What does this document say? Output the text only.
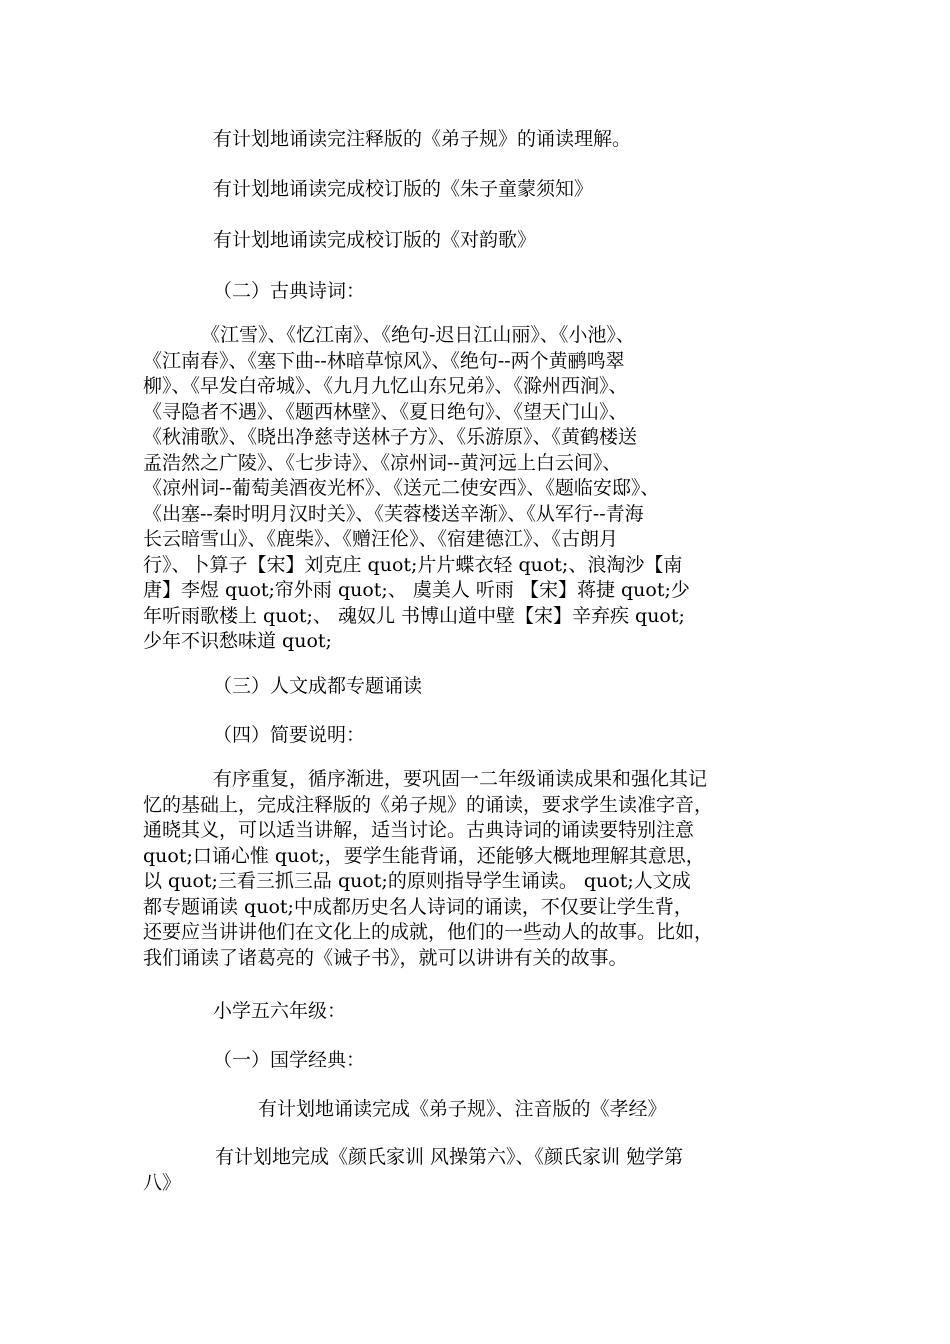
有计划地诵读完注释版的《弟子规》的诵读理解。

有计划地诵读完成校订版的《朱子童蒙须知》

有计划地诵读完成校订版的《对韵歌》

（二）古典诗词：

《江雪》、《忆江南》、《绝句-迟日江山丽》、《小池》、
《江南春》、《塞下曲--林暗草惊风》、《绝句--两个黄鹂鸣翠
柳》、《早发白帝城》、《九月九忆山东兄弟》、《滁州西涧》、
《寻隐者不遇》、《题西林壁》、《夏日绝句》、《望天门山》、
《秋浦歌》、《晓出净慈寺送林子方》、《乐游原》、《黄鹤楼送
孟浩然之广陵》、《七步诗》、《凉州词--黄河远上白云间》、
《凉州词--葡萄美酒夜光杯》、《送元二使安西》、《题临安邸》、
《出塞--秦时明月汉时关》、《芙蓉楼送辛渐》、《从军行--青海
长云暗雪山》、《鹿柴》、《赠汪伦》、《宿建德江》、《古朗月
行》、卜算子【宋】刘克庄 quot;片片蝶衣轻 quot;、浪淘沙【南
唐】李煜 quot;帘外雨 quot;、 虞美人 听雨 【宋】蒋捷 quot;少
年听雨歌楼上 quot;、 魂奴儿 书博山道中壁【宋】辛弃疾 quot;
少年不识愁味道 quot;

（三）人文成都专题诵读

（四）简要说明：

有序重复，循序渐进，要巩固一二年级诵读成果和强化其记
忆的基础上，完成注释版的《弟子规》的诵读，要求学生读准字音，
通晓其义，可以适当讲解，适当讨论。古典诗词的诵读要特别注意
quot;口诵心惟 quot;，要学生能背诵，还能够大概地理解其意思，
以 quot;三看三抓三品 quot;的原则指导学生诵读。 quot;人文成
都专题诵读 quot;中成都历史名人诗词的诵读，不仅要让学生背，
还要应当讲讲他们在文化上的成就，他们的一些动人的故事。比如，
我们诵读了诸葛亮的《诫子书》，就可以讲讲有关的故事。

小学五六年级：

（一）国学经典：

有计划地诵读完成《弟子规》、注音版的《孝经》

有计划地完成《颜氏家训 风操第六》、《颜氏家训 勉学第
八》
